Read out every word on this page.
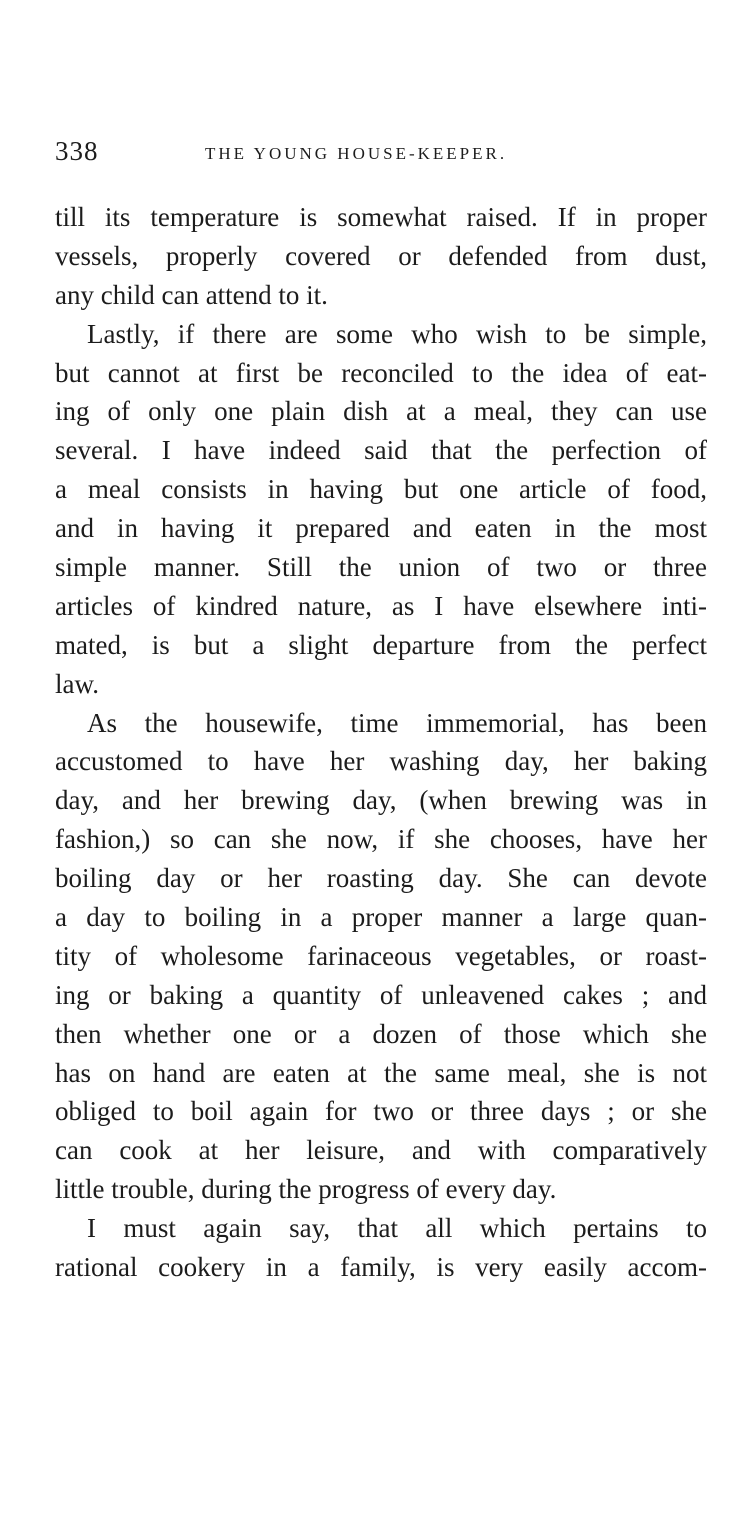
338	THE YOUNG HOUSE-KEEPER.
till its temperature is somewhat raised. If in proper
vessels, properly covered or defended from dust,
any child can attend to it.
Lastly, if there are some who wish to be simple,
but cannot at first be reconciled to the idea of eat-
ing of only one plain dish at a meal, they can use
several. I have indeed said that the perfection of
a meal consists in having but one article of food,
and in having it prepared and eaten in the most
simple manner. Still the union of two or three
articles of kindred nature, as I have elsewhere inti-
mated, is but a slight departure from the perfect
law.
As the housewife, time immemorial, has been
accustomed to have her washing day, her baking
day, and her brewing day, (when brewing was in
fashion,) so can she now, if she chooses, have her
boiling day or her roasting day. She can devote
a day to boiling in a proper manner a large quan-
tity of wholesome farinaceous vegetables, or roast-
ing or baking a quantity of unleavened cakes ; and
then whether one or a dozen of those which she
has on hand are eaten at the same meal, she is not
obliged to boil again for two or three days ; or she
can cook at her leisure, and with comparatively
little trouble, during the progress of every day.
I must again say, that all which pertains to
rational cookery in a family, is very easily accom-
